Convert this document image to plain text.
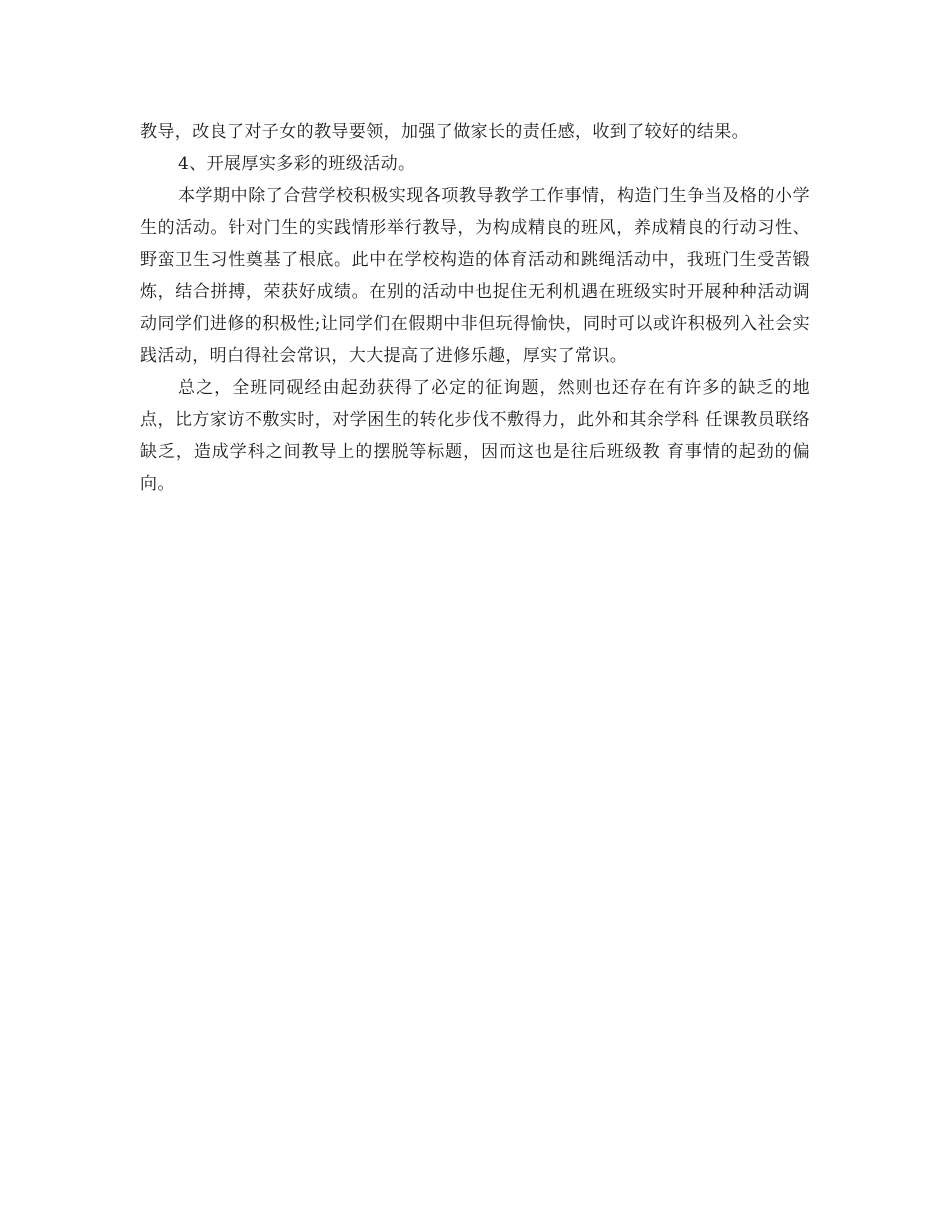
教导，改良了对子女的教导要领，加强了做家长的责任感，收到了较好的结果。

4、开展厚实多彩的班级活动。

本学期中除了合营学校积极实现各项教导教学工作事情，构造门生争当及格的小学生的活动。针对门生的实践情形举行教导，为构成精良的班风，养成精良的行动习性、野蛮卫生习性奠基了根底。此中在学校构造的体育活动和跳绳活动中，我班门生受苦锻炼，结合拼搏，荣获好成绩。在别的活动中也捉住无利机遇在班级实时开展种种活动调动同学们进修的积极性;让同学们在假期中非但玩得愉快，同时可以或许积极列入社会实践活动，明白得社会常识，大大提高了进修乐趣，厚实了常识。

总之，全班同砚经由起劲获得了必定的征询题，然则也还存在有许多的缺乏的地点，比方家访不敷实时，对学困生的转化步伐不敷得力，此外和其余学科 任课教员联络缺乏，造成学科之间教导上的摆脱等标题，因而这也是往后班级教 育事情的起劲的偏向。
